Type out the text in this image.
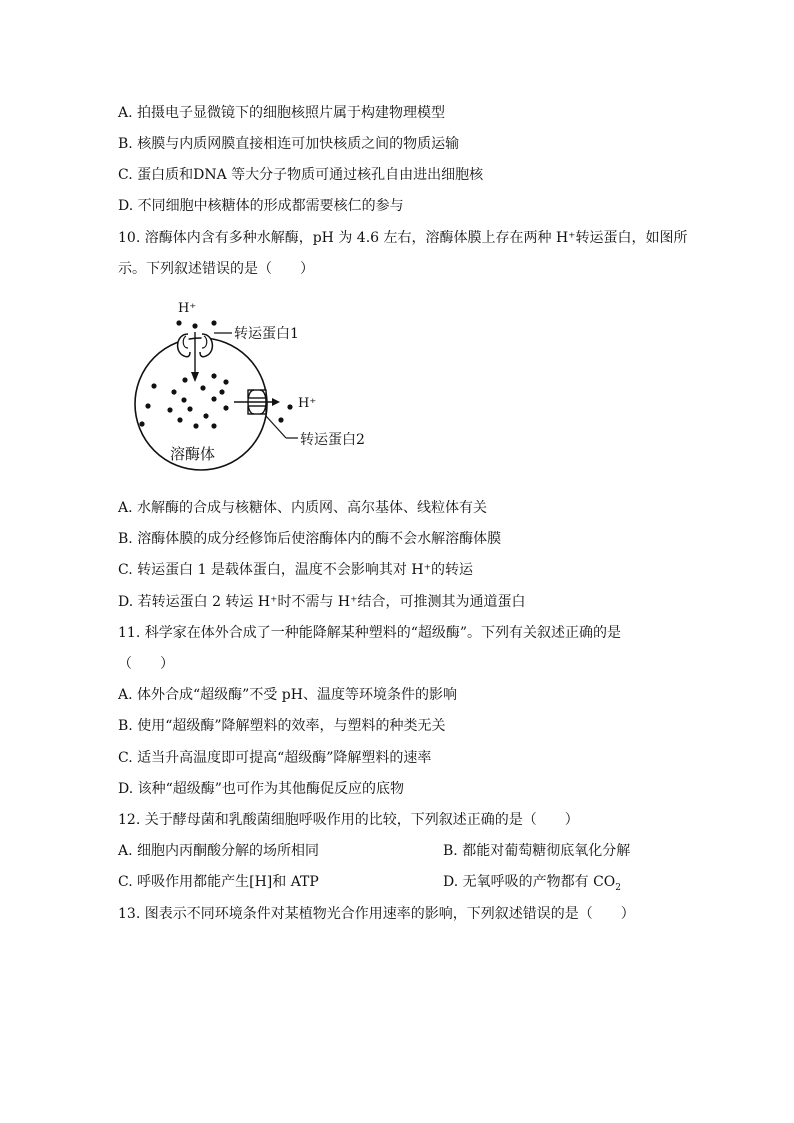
A. 拍摄电子显微镜下的细胞核照片属于构建物理模型
B. 核膜与内质网膜直接相连可加快核质之间的物质运输
C. 蛋白质和DNA 等大分子物质可通过核孔自由进出细胞核
D. 不同细胞中核糖体的形成都需要核仁的参与
10. 溶酶体内含有多种水解酶，pH 为 4.6 左右，溶酶体膜上存在两种 H⁺转运蛋白，如图所
示。下列叙述错误的是（　　）
H⁺
转运蛋白1
H⁺
转运蛋白2
溶酶体
A. 水解酶的合成与核糖体、内质网、高尔基体、线粒体有关
B. 溶酶体膜的成分经修饰后使溶酶体内的酶不会水解溶酶体膜
C. 转运蛋白 1 是载体蛋白，温度不会影响其对 H⁺的转运
D. 若转运蛋白 2 转运 H⁺时不需与 H⁺结合，可推测其为通道蛋白
11. 科学家在体外合成了一种能降解某种塑料的“超级酶”。下列有关叙述正确的是
（　　）
A. 体外合成“超级酶”不受 pH、温度等环境条件的影响
B. 使用“超级酶”降解塑料的效率，与塑料的种类无关
C. 适当升高温度即可提高“超级酶”降解塑料的速率
D. 该种“超级酶”也可作为其他酶促反应的底物
12. 关于酵母菌和乳酸菌细胞呼吸作用的比较，下列叙述正确的是（　　）
A. 细胞内丙酮酸分解的场所相同	B. 都能对葡萄糖彻底氧化分解
C. 呼吸作用都能产生[H]和 ATP	D. 无氧呼吸的产物都有 $CO_2$
13. 图表示不同环境条件对某植物光合作用速率的影响，下列叙述错误的是（　　）
